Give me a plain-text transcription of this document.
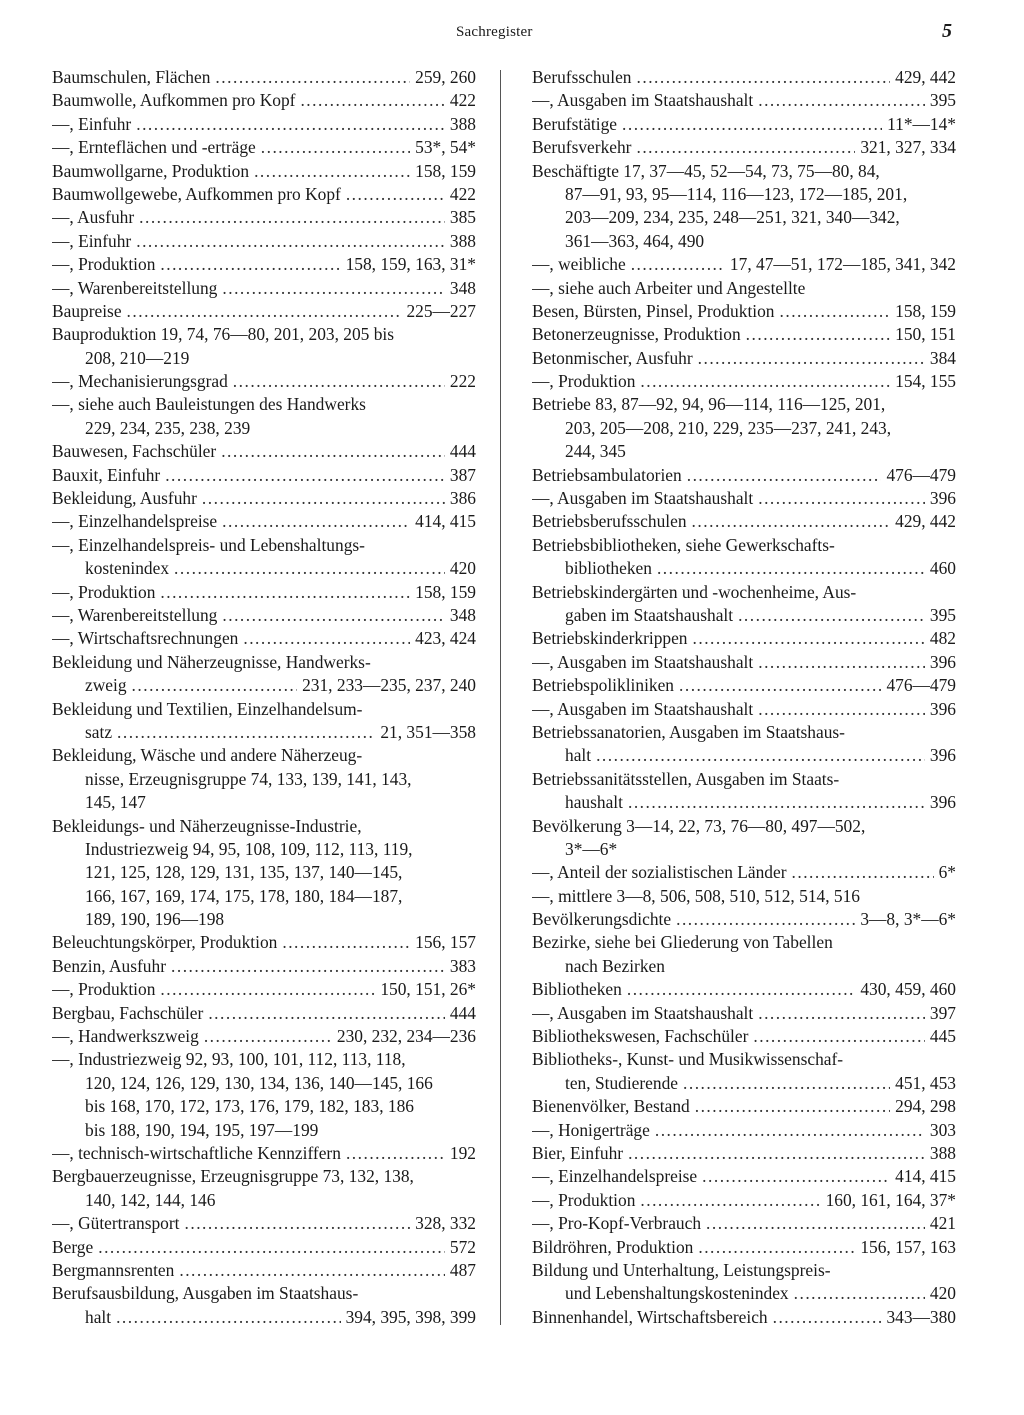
Sachregister	5
Baumschulen, Flächen .....	259, 260
Baumwolle, Aufkommen pro Kopf .....	422
—, Einfuhr .....	388
—, Ernteflächen und -erträge .....	53*, 54*
Baumwollgarne, Produktion .....	158, 159
Baumwollgewebe, Aufkommen pro Kopf .....	422
—, Ausfuhr .....	385
—, Einfuhr .....	388
—, Produktion .....	158, 159, 163, 31*
—, Warenbereitstellung .....	348
Baupreise .....	225—227
Bauproduktion 19, 74, 76—80, 201, 203, 205 bis
208, 210—219
—, Mechanisierungsgrad .....	222
—, siehe auch Bauleistungen des Handwerks
229, 234, 235, 238, 239
Bauwesen, Fachschüler .....	444
Bauxit, Einfuhr .....	387
Bekleidung, Ausfuhr .....	386
—, Einzelhandelspreise .....	414, 415
—, Einzelhandelspreis- und Lebenshaltungs-
kostenindex .....	420
—, Produktion .....	158, 159
—, Warenbereitstellung .....	348
—, Wirtschaftsrechnungen .....	423, 424
Bekleidung und Näherzeugnisse, Handwerks-
zweig .....	231, 233—235, 237, 240
Bekleidung und Textilien, Einzelhandelsum-
satz .....	21, 351—358
Bekleidung, Wäsche und andere Näherzeug-
nisse, Erzeugnisgruppe 74, 133, 139, 141, 143,
145, 147
Bekleidungs- und Näherzeugnisse-Industrie,
Industriezweig 94, 95, 108, 109, 112, 113, 119,
121, 125, 128, 129, 131, 135, 137, 140—145,
166, 167, 169, 174, 175, 178, 180, 184—187,
189, 190, 196—198
Beleuchtungskörper, Produktion .....	156, 157
Benzin, Ausfuhr .....	383
—, Produktion .....	150, 151, 26*
Bergbau, Fachschüler .....	444
—, Handwerkszweig .....	230, 232, 234—236
—, Industriezweig 92, 93, 100, 101, 112, 113, 118,
120, 124, 126, 129, 130, 134, 136, 140—145, 166
bis 168, 170, 172, 173, 176, 179, 182, 183, 186
bis 188, 190, 194, 195, 197—199
—, technisch-wirtschaftliche Kennziffern .....	192
Bergbauerzeugnisse, Erzeugnisgruppe 73, 132, 138,
140, 142, 144, 146
—, Gütertransport .....	328, 332
Berge .....	572
Bergmannsrenten .....	487
Berufsausbildung, Ausgaben im Staatshaus-
halt .....	394, 395, 398, 399
Berufsschulen .....	429, 442
—, Ausgaben im Staatshaushalt .....	395
Berufstätige .....	11*—14*
Berufsverkehr .....	321, 327, 334
Beschäftigte 17, 37—45, 52—54, 73, 75—80, 84,
87—91, 93, 95—114, 116—123, 172—185, 201,
203—209, 234, 235, 248—251, 321, 340—342,
361—363, 464, 490
—, weibliche .....	17, 47—51, 172—185, 341, 342
—, siehe auch Arbeiter und Angestellte
Besen, Bürsten, Pinsel, Produktion .....	158, 159
Betonerzeugnisse, Produktion .....	150, 151
Betonmischer, Ausfuhr .....	384
—, Produktion .....	154, 155
Betriebe 83, 87—92, 94, 96—114, 116—125, 201,
203, 205—208, 210, 229, 235—237, 241, 243,
244, 345
Betriebsambulatorien .....	476—479
—, Ausgaben im Staatshaushalt .....	396
Betriebsberufsschulen .....	429, 442
Betriebsbibliotheken, siehe Gewerkschafts-
bibliotheken .....	460
Betriebskindergärten und -wochenheime, Aus-
gaben im Staatshaushalt .....	395
Betriebskinderkrippen .....	482
—, Ausgaben im Staatshaushalt .....	396
Betriebspolikliniken .....	476—479
—, Ausgaben im Staatshaushalt .....	396
Betriebssanatorien, Ausgaben im Staatshaus-
halt .....	396
Betriebssanitätsstellen, Ausgaben im Staats-
haushalt .....	396
Bevölkerung 3—14, 22, 73, 76—80, 497—502,
3*—6*
—, Anteil der sozialistischen Länder .....	6*
—, mittlere 3—8, 506, 508, 510, 512, 514, 516
Bevölkerungsdichte .....	3—8, 3*—6*
Bezirke, siehe bei Gliederung von Tabellen
nach Bezirken
Bibliotheken .....	430, 459, 460
—, Ausgaben im Staatshaushalt .....	397
Bibliothekswesen, Fachschüler .....	445
Bibliotheks-, Kunst- und Musikwissenschaf-
ten, Studierende .....	451, 453
Bienenvölker, Bestand .....	294, 298
—, Honigerträge .....	303
Bier, Einfuhr .....	388
—, Einzelhandelspreise .....	414, 415
—, Produktion .....	160, 161, 164, 37*
—, Pro-Kopf-Verbrauch .....	421
Bildröhren, Produktion .....	156, 157, 163
Bildung und Unterhaltung, Leistungspreis-
und Lebenshaltungskostenindex .....	420
Binnenhandel, Wirtschaftsbereich .....	343—380
